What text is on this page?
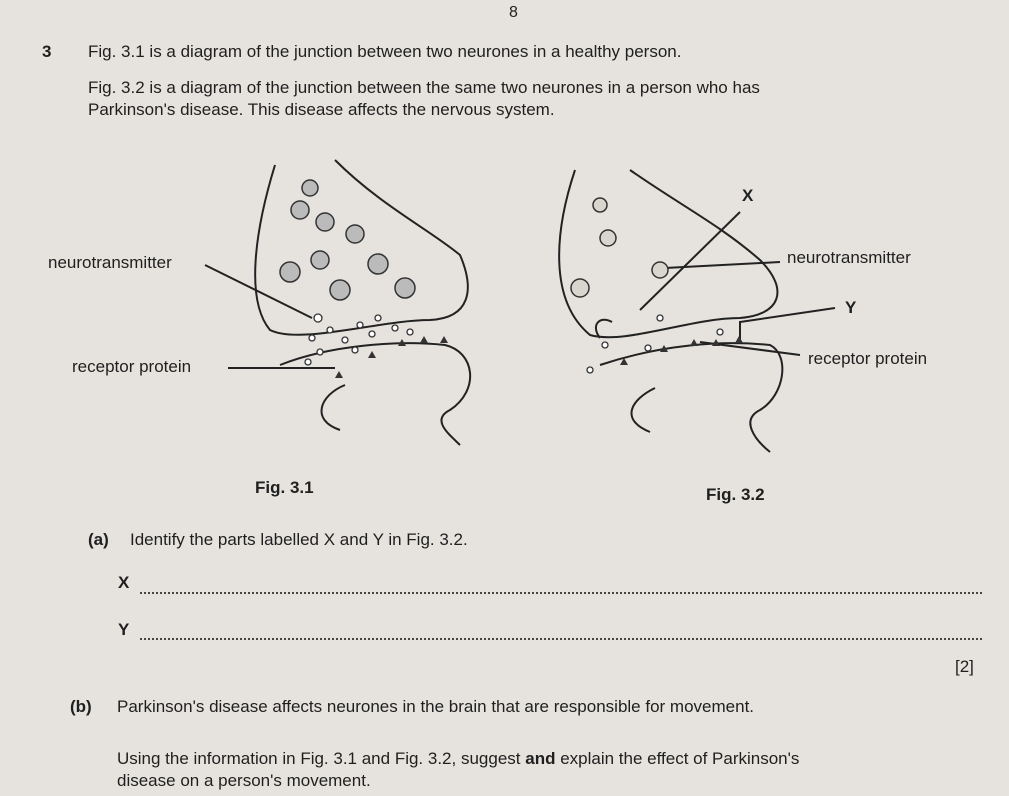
8
3 Fig. 3.1 is a diagram of the junction between two neurones in a healthy person.
Fig. 3.2 is a diagram of the junction between the same two neurones in a person who has
Parkinson's disease. This disease affects the nervous system.
neurotransmitter
receptor protein
Fig. 3.1
X
neurotransmitter
Y
receptor protein
Fig. 3.2
(a) Identify the parts labelled X and Y in Fig. 3.2.
X
Y
[2]
(b) Parkinson's disease affects neurones in the brain that are responsible for movement.
Using the information in Fig. 3.1 and Fig. 3.2, suggest and explain the effect of Parkinson's
disease on a person's movement.
